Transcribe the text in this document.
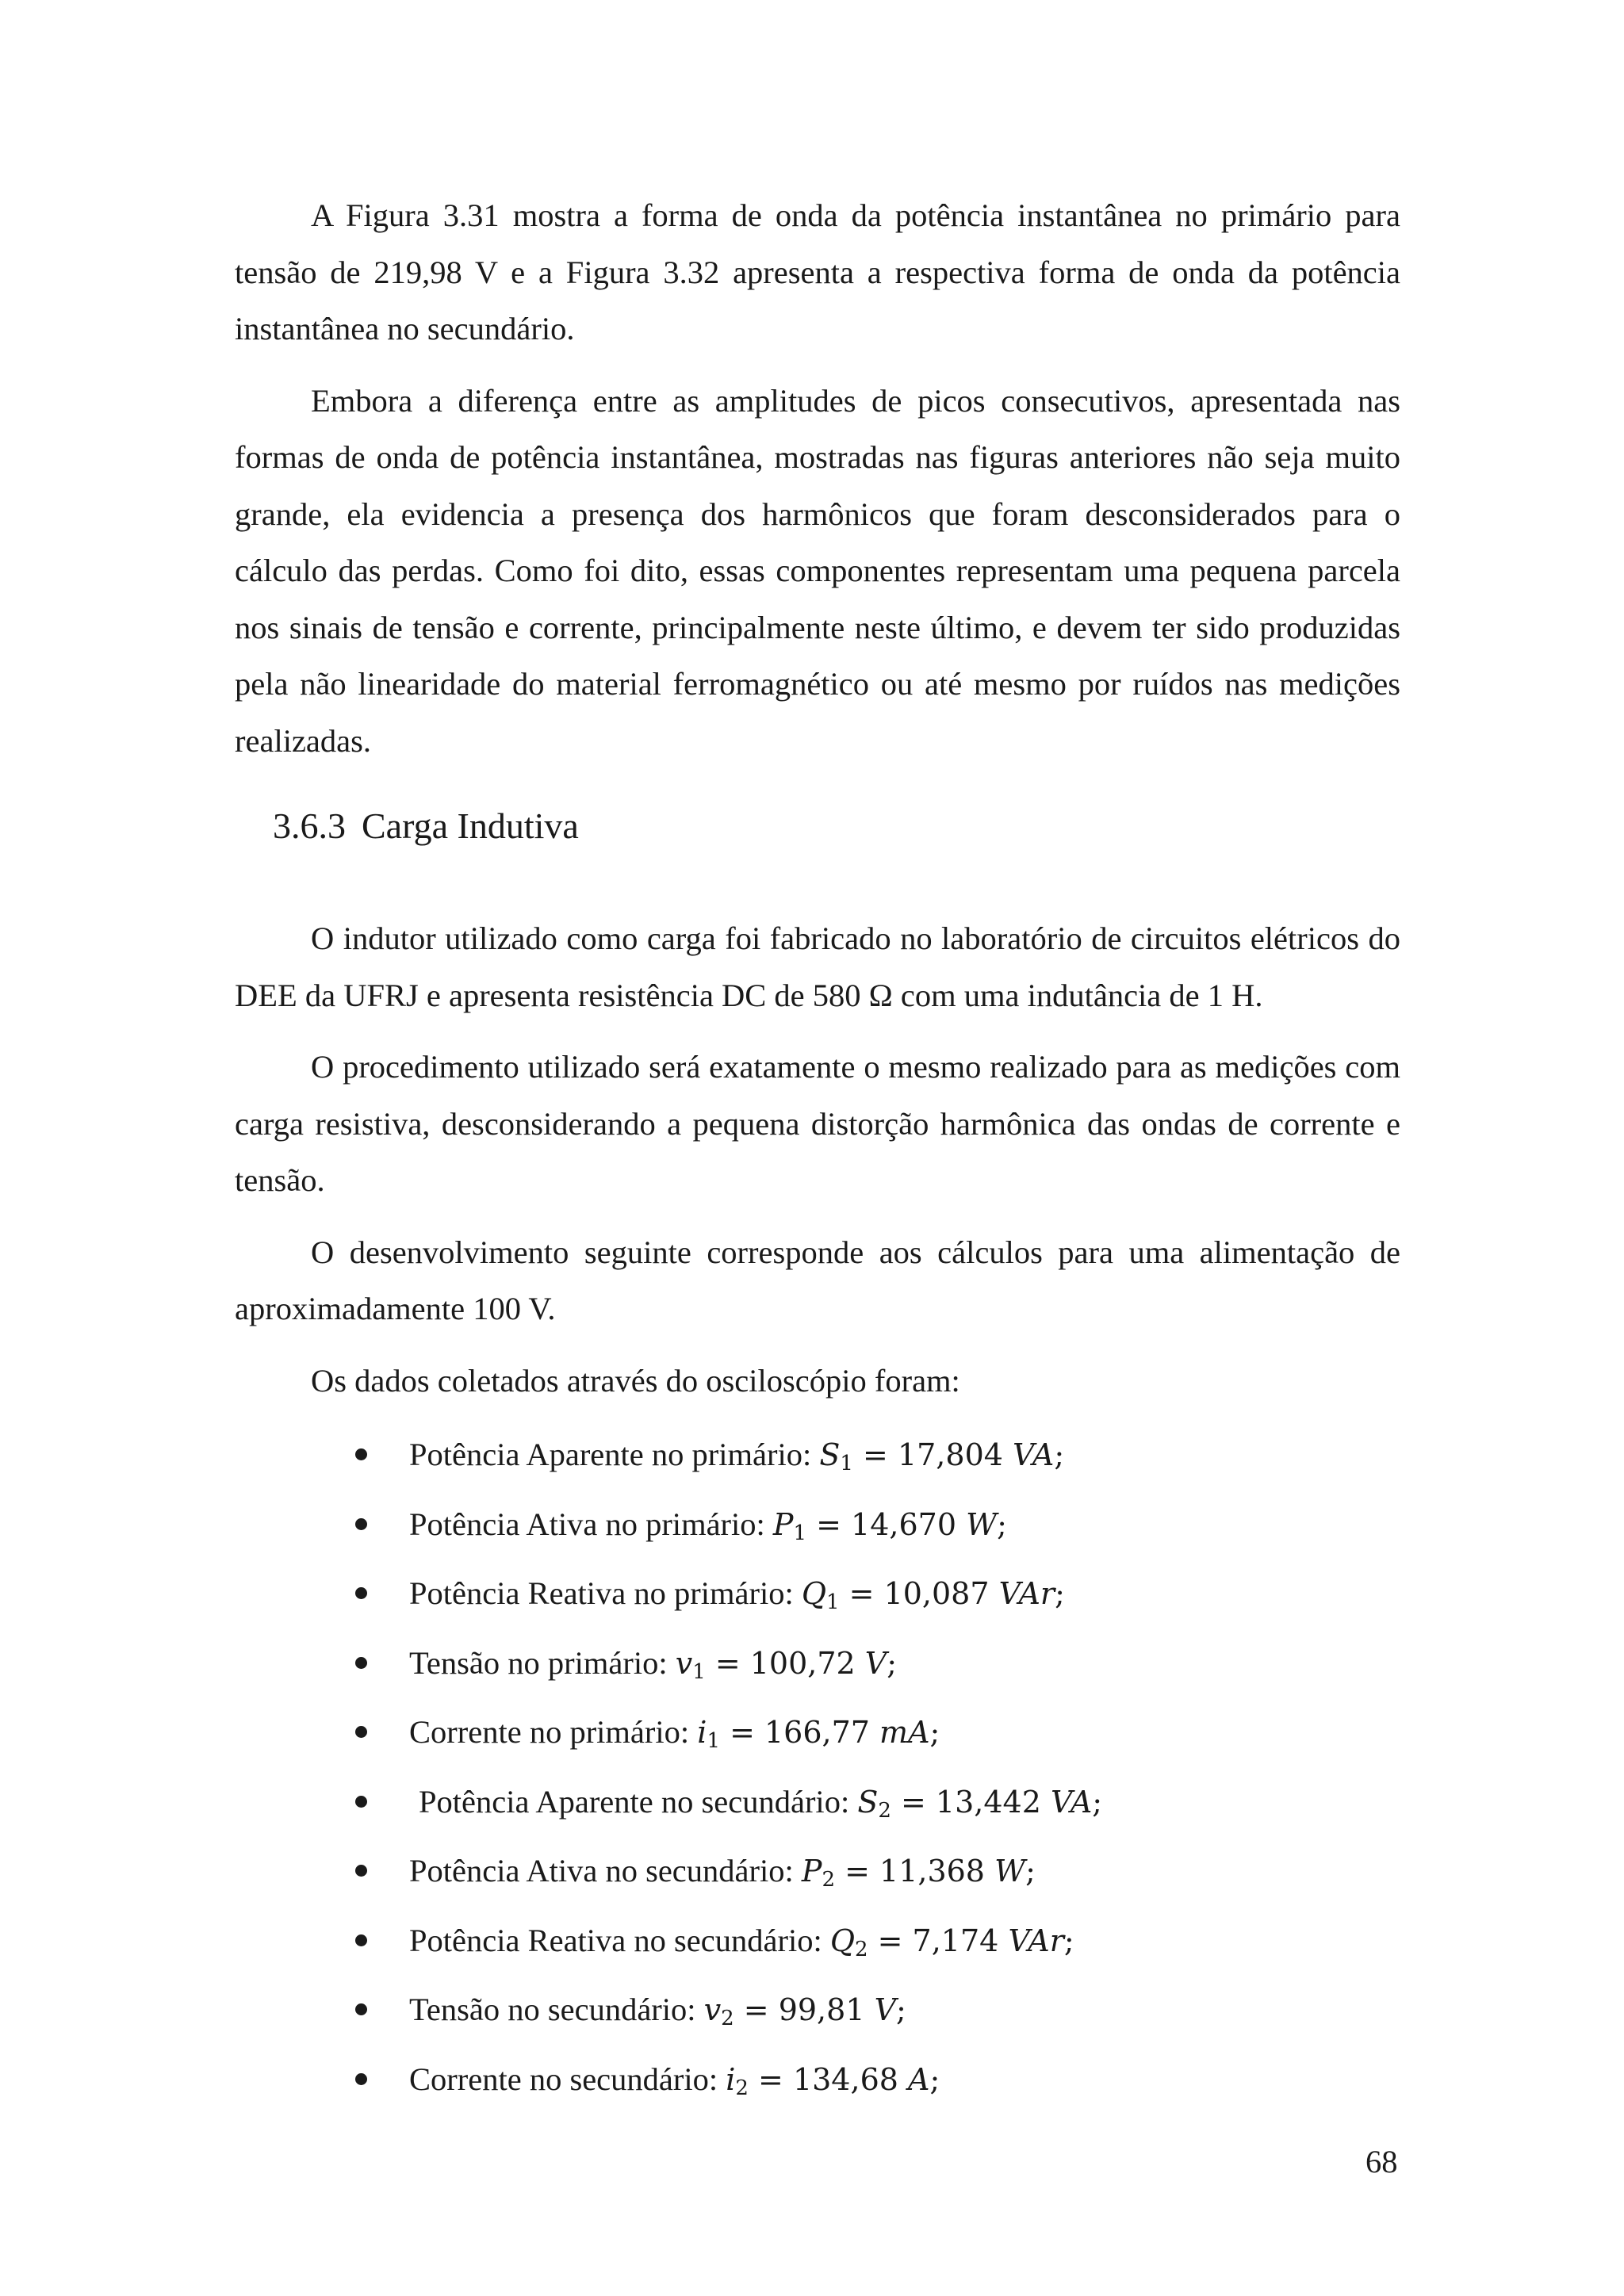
A Figura 3.31 mostra a forma de onda da potência instantânea no primário para tensão de 219,98 V e a Figura 3.32 apresenta a respectiva forma de onda da potência instantânea no secundário.

Embora a diferença entre as amplitudes de picos consecutivos, apresentada nas formas de onda de potência instantânea, mostradas nas figuras anteriores não seja muito grande, ela evidencia a presença dos harmônicos que foram desconsiderados para o cálculo das perdas. Como foi dito, essas componentes representam uma pequena parcela nos sinais de tensão e corrente, principalmente neste último, e devem ter sido produzidas pela não linearidade do material ferromagnético ou até mesmo por ruídos nas medições realizadas.

3.6.3 Carga Indutiva

O indutor utilizado como carga foi fabricado no laboratório de circuitos elétricos do DEE da UFRJ e apresenta resistência DC de 580 Ω com uma indutância de 1 H.

O procedimento utilizado será exatamente o mesmo realizado para as medições com carga resistiva, desconsiderando a pequena distorção harmônica das ondas de corrente e tensão.

O desenvolvimento seguinte corresponde aos cálculos para uma alimentação de aproximadamente 100 V.

Os dados coletados através do osciloscópio foram:

Potência Aparente no primário: $S_1 = 17,804$ VA;
Potência Ativa no primário: $P_1 = 14,670$ W;
Potência Reativa no primário: $Q_1 = 10,087$ VAr;
Tensão no primário: $v_1 = 100,72$ V;
Corrente no primário: $i_1 = 166,77$ mA;
Potência Aparente no secundário: $S_2 = 13,442$ VA;
Potência Ativa no secundário: $P_2 = 11,368$ W;
Potência Reativa no secundário: $Q_2 = 7,174$ VAr;
Tensão no secundário: $v_2 = 99,81$ V;
Corrente no secundário: $i_2 = 134,68$ A;
68
